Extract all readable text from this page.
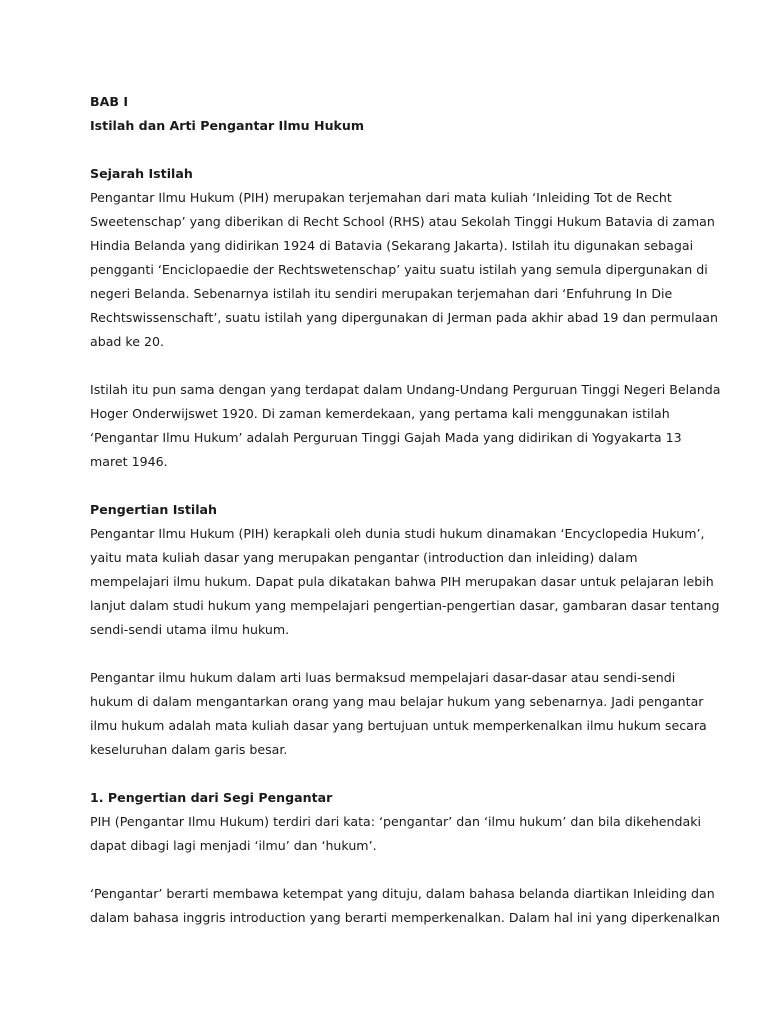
BAB I

Istilah dan Arti Pengantar Ilmu Hukum

Sejarah Istilah

Pengantar Ilmu Hukum (PIH) merupakan terjemahan dari mata kuliah ‘Inleiding Tot de Recht
Sweetenschap’ yang diberikan di Recht School (RHS) atau Sekolah Tinggi Hukum Batavia di zaman
Hindia Belanda yang didirikan 1924 di Batavia (Sekarang Jakarta). Istilah itu digunakan sebagai
pengganti ‘Enciclopaedie der Rechtswetenschap’ yaitu suatu istilah yang semula dipergunakan di
negeri Belanda. Sebenarnya istilah itu sendiri merupakan terjemahan dari ‘Enfuhrung In Die
Rechtswissenschaft’, suatu istilah yang dipergunakan di Jerman pada akhir abad 19 dan permulaan
abad ke 20.

Istilah itu pun sama dengan yang terdapat dalam Undang-Undang Perguruan Tinggi Negeri Belanda
Hoger Onderwijswet 1920. Di zaman kemerdekaan, yang pertama kali menggunakan istilah
‘Pengantar Ilmu Hukum’ adalah Perguruan Tinggi Gajah Mada yang didirikan di Yogyakarta 13
maret 1946.

Pengertian Istilah

Pengantar Ilmu Hukum (PIH) kerapkali oleh dunia studi hukum dinamakan ‘Encyclopedia Hukum’,
yaitu mata kuliah dasar yang merupakan pengantar (introduction dan inleiding) dalam
mempelajari ilmu hukum. Dapat pula dikatakan bahwa PIH merupakan dasar untuk pelajaran lebih
lanjut dalam studi hukum yang mempelajari pengertian-pengertian dasar, gambaran dasar tentang
sendi-sendi utama ilmu hukum.

Pengantar ilmu hukum dalam arti luas bermaksud mempelajari dasar-dasar atau sendi-sendi
hukum di dalam mengantarkan orang yang mau belajar hukum yang sebenarnya. Jadi pengantar
ilmu hukum adalah mata kuliah dasar yang bertujuan untuk memperkenalkan ilmu hukum secara
keseluruhan dalam garis besar.

1. Pengertian dari Segi Pengantar

PIH (Pengantar Ilmu Hukum) terdiri dari kata: ‘pengantar’ dan ‘ilmu hukum’ dan bila dikehendaki
dapat dibagi lagi menjadi ‘ilmu’ dan ‘hukum’.

‘Pengantar’ berarti membawa ketempat yang dituju, dalam bahasa belanda diartikan Inleiding dan
dalam bahasa inggris introduction yang berarti memperkenalkan. Dalam hal ini yang diperkenalkan
